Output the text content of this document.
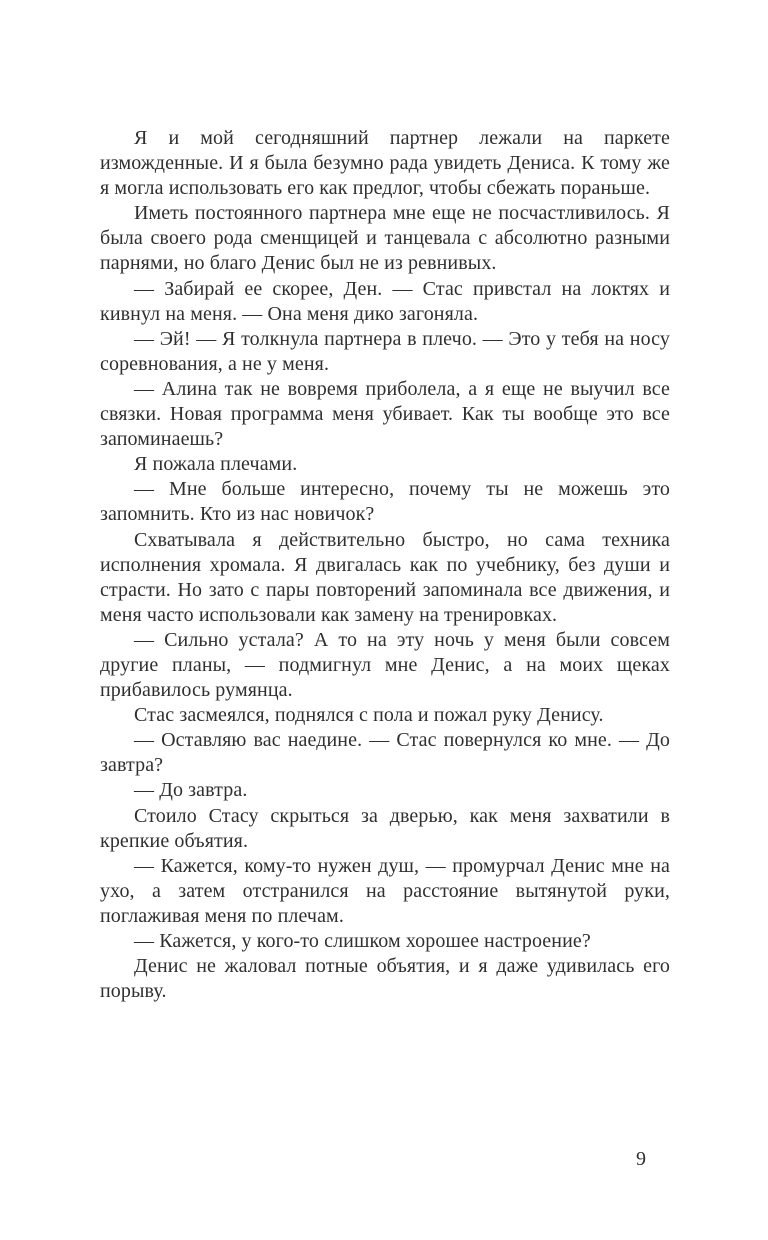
Я и мой сегодняшний партнер лежали на паркете изможденные. И я была безумно рада увидеть Дениса. К тому же я могла использовать его как предлог, чтобы сбежать пораньше.

Иметь постоянного партнера мне еще не посчастливилось. Я была своего рода сменщицей и танцевала с абсолютно разными парнями, но благо Денис был не из ревнивых.

— Забирай ее скорее, Ден. — Стас привстал на локтях и кивнул на меня. — Она меня дико загоняла.

— Эй! — Я толкнула партнера в плечо. — Это у тебя на носу соревнования, а не у меня.

— Алина так не вовремя приболела, а я еще не выучил все связки. Новая программа меня убивает. Как ты вообще это все запоминаешь?

Я пожала плечами.

— Мне больше интересно, почему ты не можешь это запомнить. Кто из нас новичок?

Схватывала я действительно быстро, но сама техника исполнения хромала. Я двигалась как по учебнику, без души и страсти. Но зато с пары повторений запоминала все движения, и меня часто использовали как замену на тренировках.

— Сильно устала? А то на эту ночь у меня были совсем другие планы, — подмигнул мне Денис, а на моих щеках прибавилось румянца.

Стас засмеялся, поднялся с пола и пожал руку Денису.

— Оставляю вас наедине. — Стас повернулся ко мне. — До завтра?

— До завтра.

Стоило Стасу скрыться за дверью, как меня захватили в крепкие объятия.

— Кажется, кому-то нужен душ, — промурчал Денис мне на ухо, а затем отстранился на расстояние вытянутой руки, поглаживая меня по плечам.

— Кажется, у кого-то слишком хорошее настроение?

Денис не жаловал потные объятия, и я даже удивилась его порыву.

9
